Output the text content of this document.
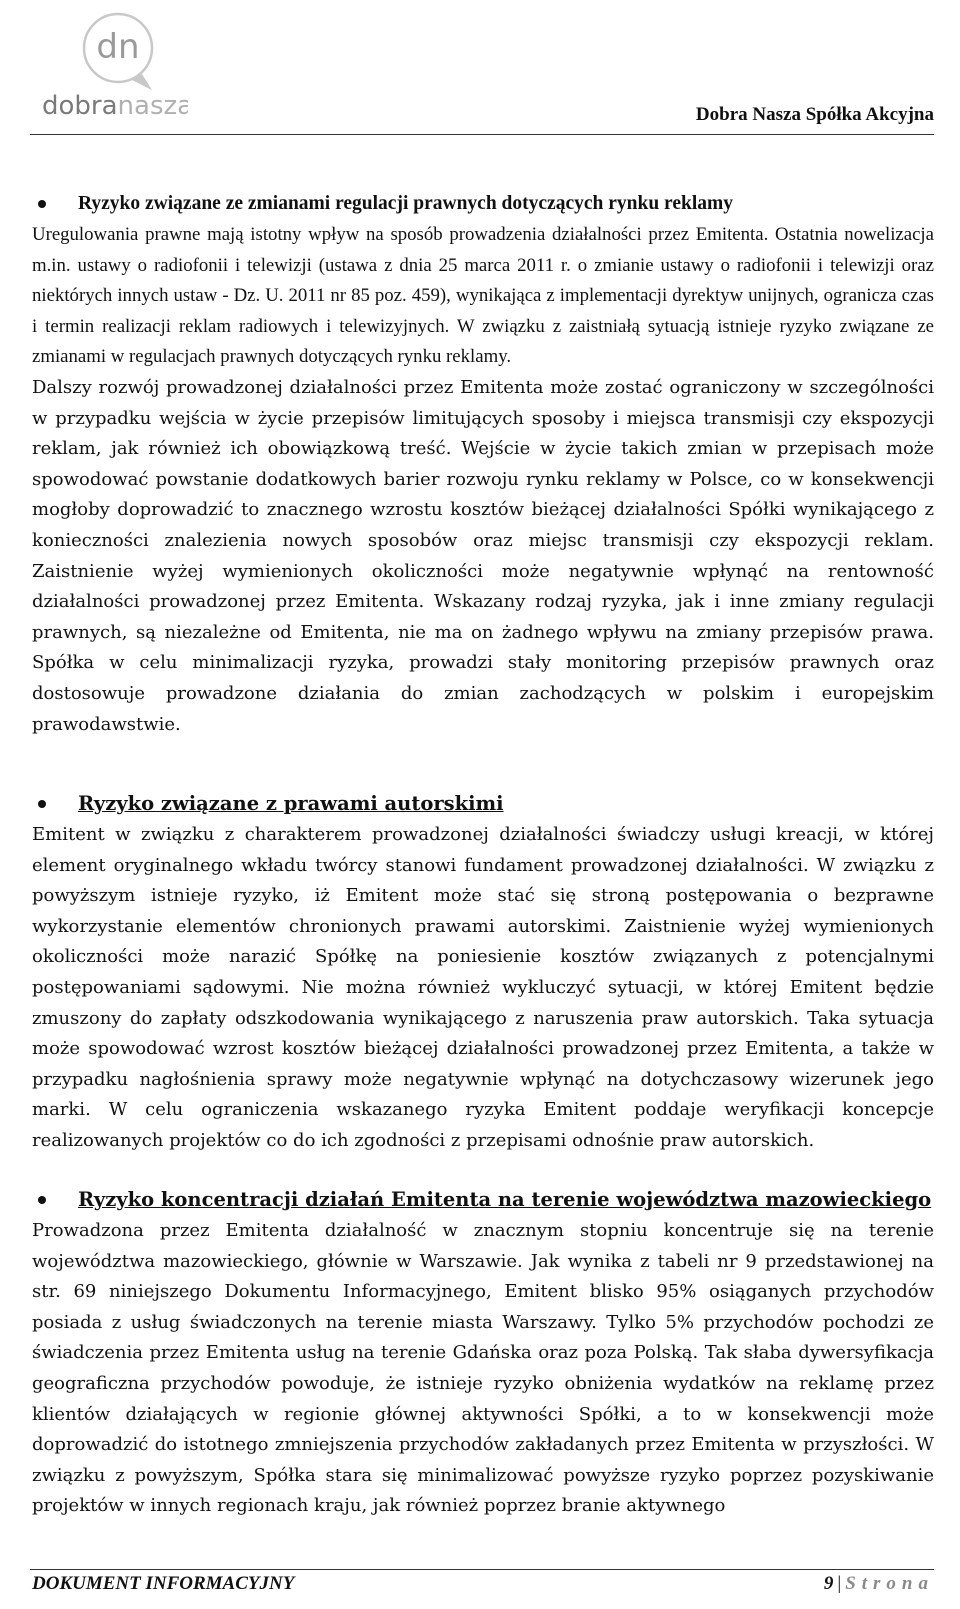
dn
dobranasza	Dobra Nasza Spółka Akcyjna
Ryzyko związane ze zmianami regulacji prawnych dotyczących rynku reklamy
Uregulowania prawne mają istotny wpływ na sposób prowadzenia działalności przez Emitenta. Ostatnia nowelizacja m.in. ustawy o radiofonii i telewizji (ustawa z dnia 25 marca 2011 r. o zmianie ustawy o radiofonii i telewizji oraz niektórych innych ustaw - Dz. U. 2011 nr 85 poz. 459), wynikająca z implementacji dyrektyw unijnych, ogranicza czas i termin realizacji reklam radiowych i telewizyjnych. W związku z zaistniałą sytuacją istnieje ryzyko związane ze zmianami w regulacjach prawnych dotyczących rynku reklamy.
Dalszy rozwój prowadzonej działalności przez Emitenta może zostać ograniczony w szczególności w przypadku wejścia w życie przepisów limitujących sposoby i miejsca transmisji czy ekspozycji reklam, jak również ich obowiązkową treść. Wejście w życie takich zmian w przepisach może spowodować powstanie dodatkowych barier rozwoju rynku reklamy w Polsce, co w konsekwencji mogłoby doprowadzić to znacznego wzrostu kosztów bieżącej działalności Spółki wynikającego z konieczności znalezienia nowych sposobów oraz miejsc transmisji czy ekspozycji reklam. Zaistnienie wyżej wymienionych okoliczności może negatywnie wpłynąć na rentowność działalności prowadzonej przez Emitenta. Wskazany rodzaj ryzyka, jak i inne zmiany regulacji prawnych, są niezależne od Emitenta, nie ma on żadnego wpływu na zmiany przepisów prawa. Spółka w celu minimalizacji ryzyka, prowadzi stały monitoring przepisów prawnych oraz dostosowuje prowadzone działania do zmian zachodzących w polskim i europejskim prawodawstwie.
Ryzyko związane z prawami autorskimi
Emitent w związku z charakterem prowadzonej działalności świadczy usługi kreacji, w której element oryginalnego wkładu twórcy stanowi fundament prowadzonej działalności. W związku z powyższym istnieje ryzyko, iż Emitent może stać się stroną postępowania o bezprawne wykorzystanie elementów chronionych prawami autorskimi. Zaistnienie wyżej wymienionych okoliczności może narazić Spółkę na poniesienie kosztów związanych z potencjalnymi postępowaniami sądowymi. Nie można również wykluczyć sytuacji, w której Emitent będzie zmuszony do zapłaty odszkodowania wynikającego z naruszenia praw autorskich. Taka sytuacja może spowodować wzrost kosztów bieżącej działalności prowadzonej przez Emitenta, a także w przypadku nagłośnienia sprawy może negatywnie wpłynąć na dotychczasowy wizerunek jego marki. W celu ograniczenia wskazanego ryzyka Emitent poddaje weryfikacji koncepcje realizowanych projektów co do ich zgodności z przepisami odnośnie praw autorskich.
Ryzyko koncentracji działań Emitenta na terenie województwa mazowieckiego
Prowadzona przez Emitenta działalność w znacznym stopniu koncentruje się na terenie województwa mazowieckiego, głównie w Warszawie. Jak wynika z tabeli nr 9 przedstawionej na str. 69 niniejszego Dokumentu Informacyjnego, Emitent blisko 95% osiąganych przychodów posiada z usług świadczonych na terenie miasta Warszawy. Tylko 5% przychodów pochodzi ze świadczenia przez Emitenta usług na terenie Gdańska oraz poza Polską. Tak słaba dywersyfikacja geograficzna przychodów powoduje, że istnieje ryzyko obniżenia wydatków na reklamę przez klientów działających w regionie głównej aktywności Spółki, a to w konsekwencji może doprowadzić do istotnego zmniejszenia przychodów zakładanych przez Emitenta w przyszłości. W związku z powyższym, Spółka stara się minimalizować powyższe ryzyko poprzez pozyskiwanie projektów w innych regionach kraju, jak również poprzez branie aktywnego
DOKUMENT INFORMACYJNY	9 | Strona
